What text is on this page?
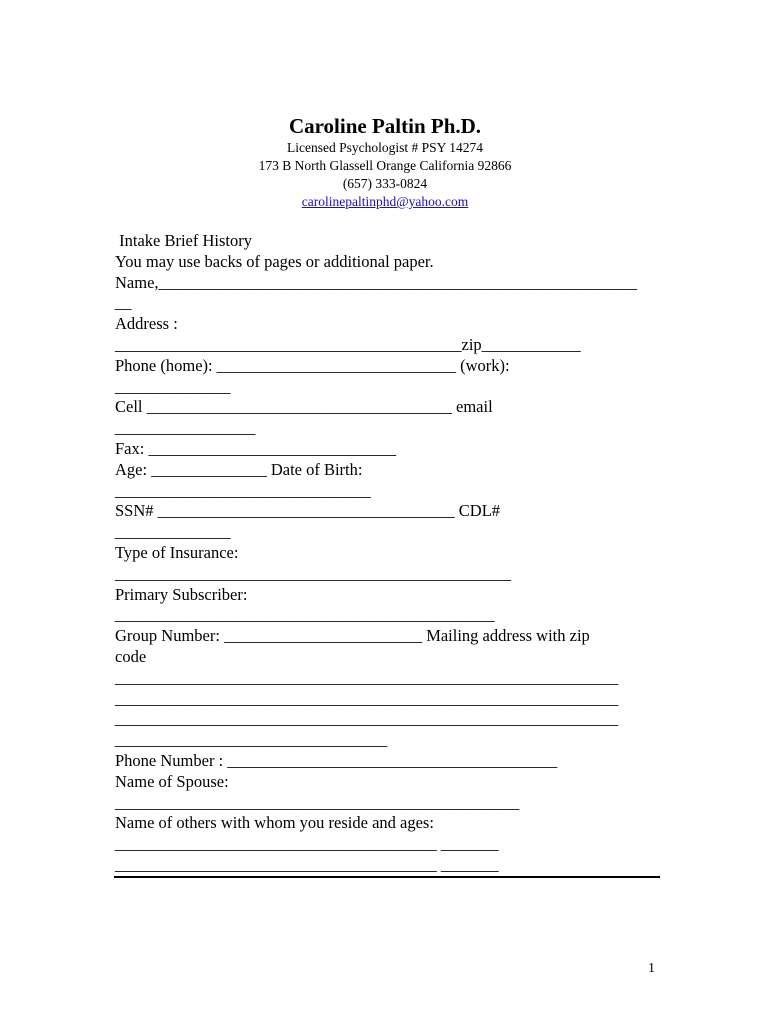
Caroline Paltin Ph.D.
Licensed Psychologist # PSY 14274
173 B North Glassell Orange California 92866
(657) 333-0824
carolinepaltinphd@yahoo.com
Intake Brief History
You may use backs of pages or additional paper.
Name,__________________________________________________________
__
Address :
__________________________________________zip____________
Phone (home): _____________________________ (work):
______________
Cell _____________________________________ email
_________________
Fax: ______________________________
Age: ______________ Date of Birth:
_______________________________
SSN# ____________________________________ CDL#
______________
Type of Insurance:
________________________________________________
Primary Subscriber:
______________________________________________
Group Number: ________________________ Mailing address with zip
code
_____________________________________________________________
_____________________________________________________________
_____________________________________________________________
_________________________________
Phone Number : ________________________________________
Name of Spouse:
_________________________________________________
Name of others with whom you reside and ages:
_______________________________________ _______
_______________________________________ _______
1
